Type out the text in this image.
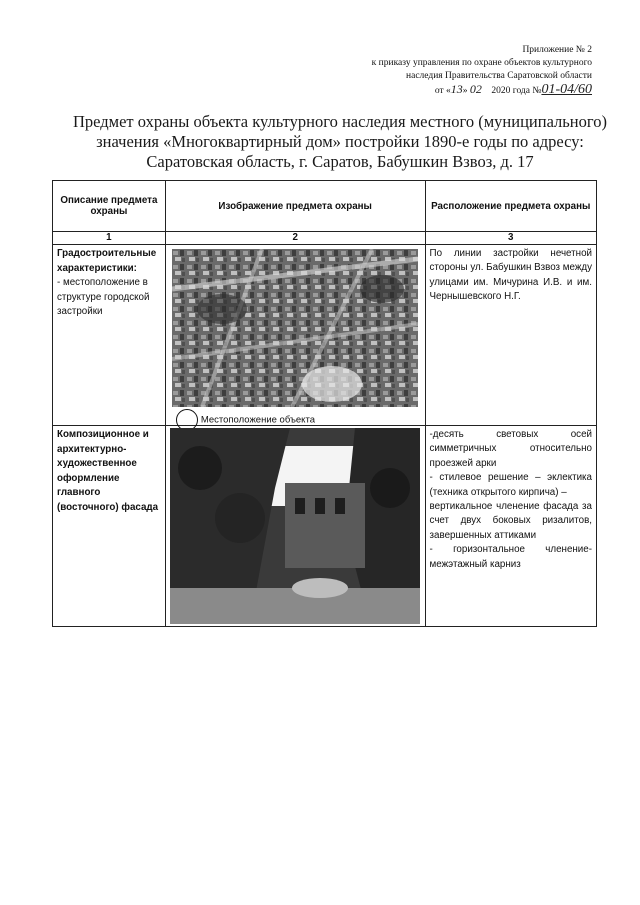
Приложение № 2
к приказу управления по охране объектов культурного
наследия Правительства Саратовской области
от «13» 02 2020 года №01-04/60
Предмет охраны объекта культурного наследия местного (муниципального)
значения «Многоквартирный дом» постройки 1890-е годы по адресу:
Саратовская область, г. Саратов, Бабушкин Взвоз, д. 17
Описание предмета охраны	Изображение предмета охраны	Расположение предмета охраны
1	2	3

Градостроительные характеристики:
- местоположение в структуре городской застройки	Местоположение объекта	По линии застройки нечетной стороны ул. Бабушкин Взвоз между улицами им. Мичурина И.В. и им. Чернышевского Н.Г.

Композиционное и архитектурно-художественное оформление главного (восточного) фасада		-десять световых осей симметричных относительно проезжей арки
- стилевое решение – эклектика (техника открытого кирпича) –
вертикальное членение фасада за счет двух боковых ризалитов, завершенных аттиками
- горизонтальное членение- межэтажный карниз
